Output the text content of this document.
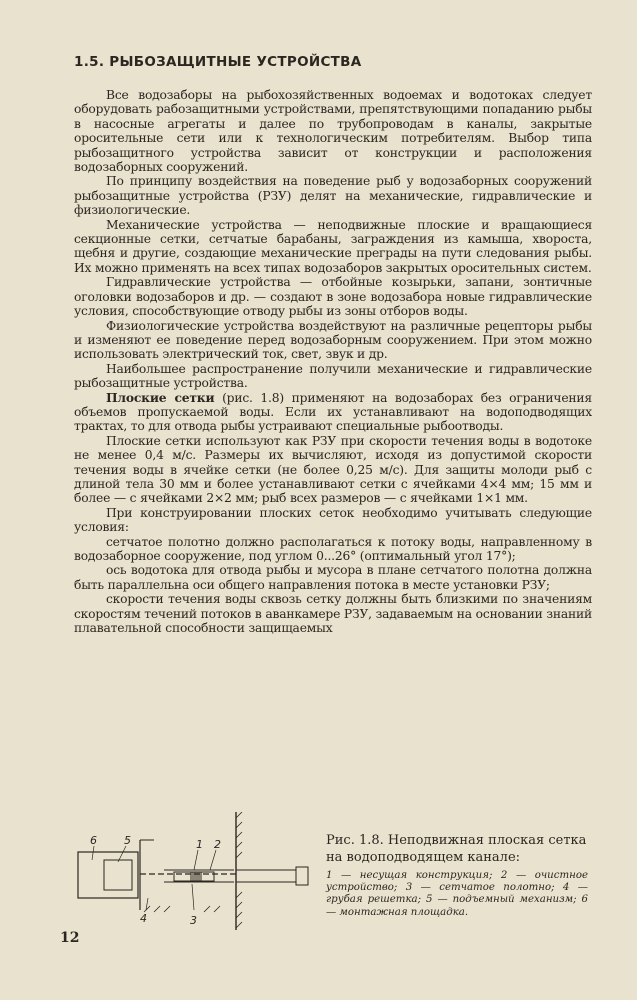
1.5. РЫБОЗАЩИТНЫЕ УСТРОЙСТВА

Все водозаборы на рыбохозяйственных водоемах и водотоках следует оборудовать рабозащитными устройствами, препятствующими попаданию рыбы в насосные агрегаты и далее по трубопроводам в каналы, закрытые оросительные сети или к технологическим потребителям. Выбор типа рыбозащитного устройства зависит от конструкции и расположения водозаборных сооружений.

По принципу воздействия на поведение рыб у водозаборных сооружений рыбозащитные устройства (РЗУ) делят на механические, гидравлические и физиологические.

Механические устройства — неподвижные плоские и вращающиеся секционные сетки, сетчатые барабаны, заграждения из камыша, хвороста, щебня и другие, создающие механические преграды на пути следования рыбы. Их можно применять на всех типах водозаборов закрытых оросительных систем.

Гидравлические устройства — отбойные козырьки, запани, зонтичные оголовки водозаборов и др. — создают в зоне водозабора новые гидравлические условия, способствующие отводу рыбы из зоны отборов воды.

Физиологические устройства воздействуют на различные рецепторы рыбы и изменяют ее поведение перед водозаборным сооружением. При этом можно использовать электрический ток, свет, звук и др.

Наибольшее распространение получили механические и гидравлические рыбозащитные устройства.

Плоские сетки (рис. 1.8) применяют на водозаборах без ограничения объемов пропускаемой воды. Если их устанавливают на водоподводящих трактах, то для отвода рыбы устраивают специальные рыбоотводы.

Плоские сетки используют как РЗУ при скорости течения воды в водотоке не менее 0,4 м/с. Размеры их вычисляют, исходя из допустимой скорости течения воды в ячейке сетки (не более 0,25 м/с). Для защиты молоди рыб с длиной тела 30 мм и более устанавливают сетки с ячейками 4×4 мм; 15 мм и более — с ячейками 2×2 мм; рыб всех размеров — с ячейками 1×1 мм.

При конструировании плоских сеток необходимо учитывать следующие условия:

сетчатое полотно должно располагаться к потоку воды, направленному в водозаборное сооружение, под углом 0...26° (оптимальный угол 17°);

ось водотока для отвода рыбы и мусора в плане сетчатого полотна должна быть параллельна оси общего направления потока в месте установки РЗУ;

скорости течения воды сквозь сетку должны быть близкими по значениям скоростям течений потоков в аванкамере РЗУ, задаваемым на основании знаний плавательной способности защищаемых

6 5	1 2
4	3
Рис. 1.8. Неподвижная плоская сетка на водоподводящем канале:
1 — несущая конструкция; 2 — очистное устройство; 3 — сетчатое полотно; 4 — грубая решетка; 5 — подъемный механизм; 6 — монтажная площадка.
12
